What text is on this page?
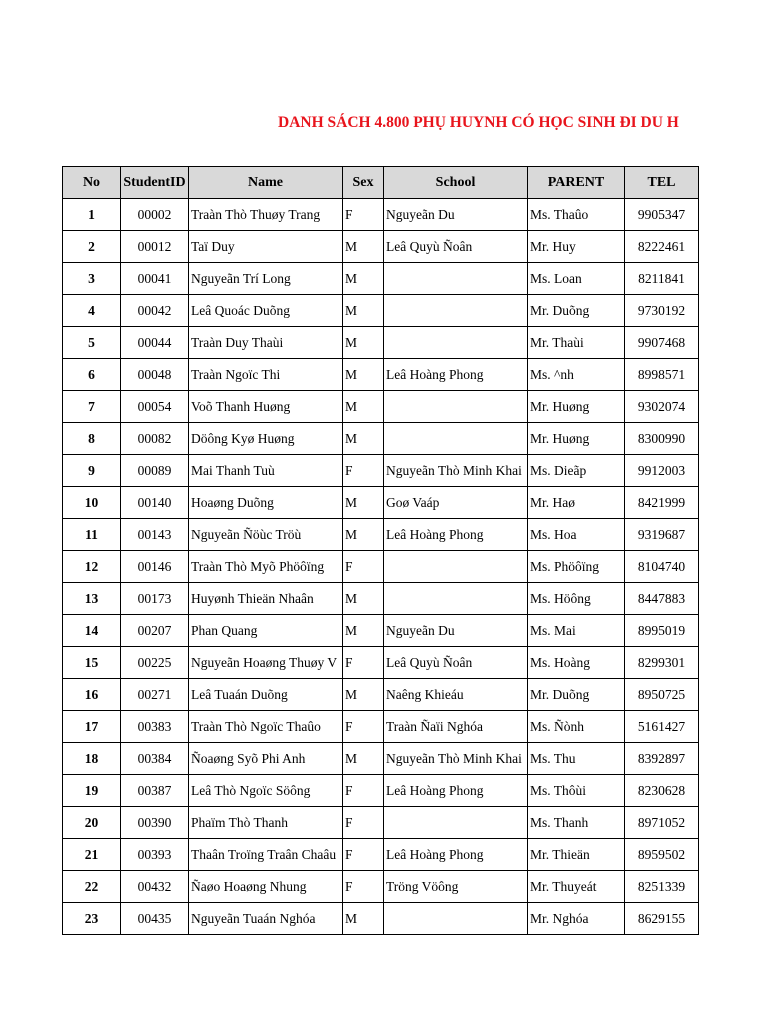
DANH SÁCH 4.800 PHỤ HUYNH CÓ HỌC SINH ĐI DU H
No	StudentID	Name	Sex	School	PARENT	TEL
1	00002	Traàn Thò Thuøy Trang	F	Nguyeãn Du	Ms. Thaûo	9905347
2	00012	Taï Duy	M	Leâ Quyù Ñoân	Mr. Huy	8222461
3	00041	Nguyeãn Trí Long	M		Ms. Loan	8211841
4	00042	Leâ Quoác Duõng	M		Mr. Duõng	9730192
5	00044	Traàn Duy Thaùi	M		Mr. Thaùi	9907468
6	00048	Traàn Ngoïc Thi	M	Leâ Hoàng Phong	Ms. ^nh	8998571
7	00054	Voõ Thanh Huøng	M		Mr. Huøng	9302074
8	00082	Döông Kyø Huøng	M		Mr. Huøng	8300990
9	00089	Mai Thanh Tuù	F	Nguyeãn Thò Minh Khai	Ms. Dieãp	9912003
10	00140	Hoaøng Duõng	M	Goø Vaáp	Mr. Haø	8421999
11	00143	Nguyeãn Ñöùc Tröù	M	Leâ Hoàng Phong	Ms. Hoa	9319687
12	00146	Traàn Thò Myõ Phöôïng	F		Ms. Phöôïng	8104740
13	00173	Huyønh Thieän Nhaân	M		Ms. Höông	8447883
14	00207	Phan Quang	M	Nguyeãn Du	Ms. Mai	8995019
15	00225	Nguyeãn Hoaøng Thuøy V	F	Leâ Quyù Ñoân	Ms. Hoàng	8299301
16	00271	Leâ Tuaán Duõng	M	Naêng Khieáu	Mr. Duõng	8950725
17	00383	Traàn Thò Ngoïc Thaûo	F	Traàn Ñaïi Nghóa	Ms. Ñònh	5161427
18	00384	Ñoaøng Syõ Phi Anh	M	Nguyeãn Thò Minh Khai	Ms. Thu	8392897
19	00387	Leâ Thò Ngoïc Söông	F	Leâ Hoàng Phong	Ms. Thôùi	8230628
20	00390	Phaïm Thò Thanh	F		Ms. Thanh	8971052
21	00393	Thaân Troïng Traân Chaâu	F	Leâ Hoàng Phong	Mr. Thieän	8959502
22	00432	Ñaøo Hoaøng Nhung	F	Tröng Vöông	Mr. Thuyeát	8251339
23	00435	Nguyeãn Tuaán Nghóa	M		Mr. Nghóa	8629155
